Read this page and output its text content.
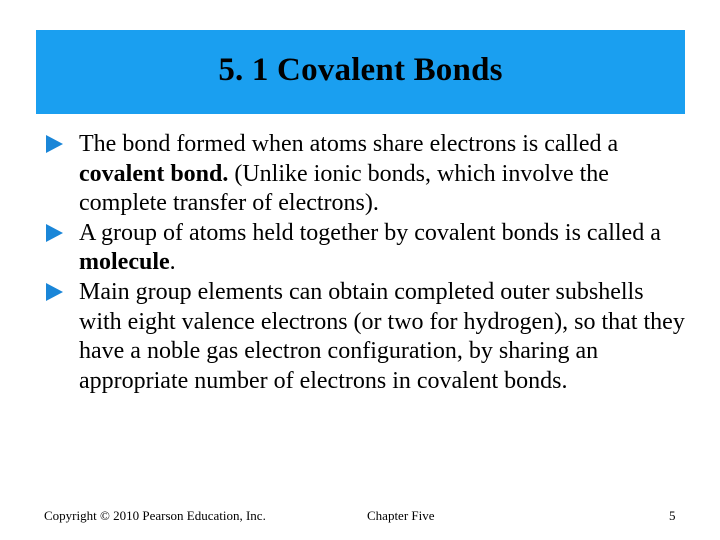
5. 1 Covalent Bonds
The bond formed when atoms share electrons is called a covalent bond. (Unlike ionic bonds, which involve the complete transfer of electrons).
A group of atoms held together by covalent bonds is called a molecule.
Main group elements can obtain completed outer subshells with eight valence electrons (or two for hydrogen), so that they have a noble gas electron configuration, by sharing an appropriate number of electrons in covalent bonds.
Copyright © 2010 Pearson Education, Inc.	Chapter Five	5
